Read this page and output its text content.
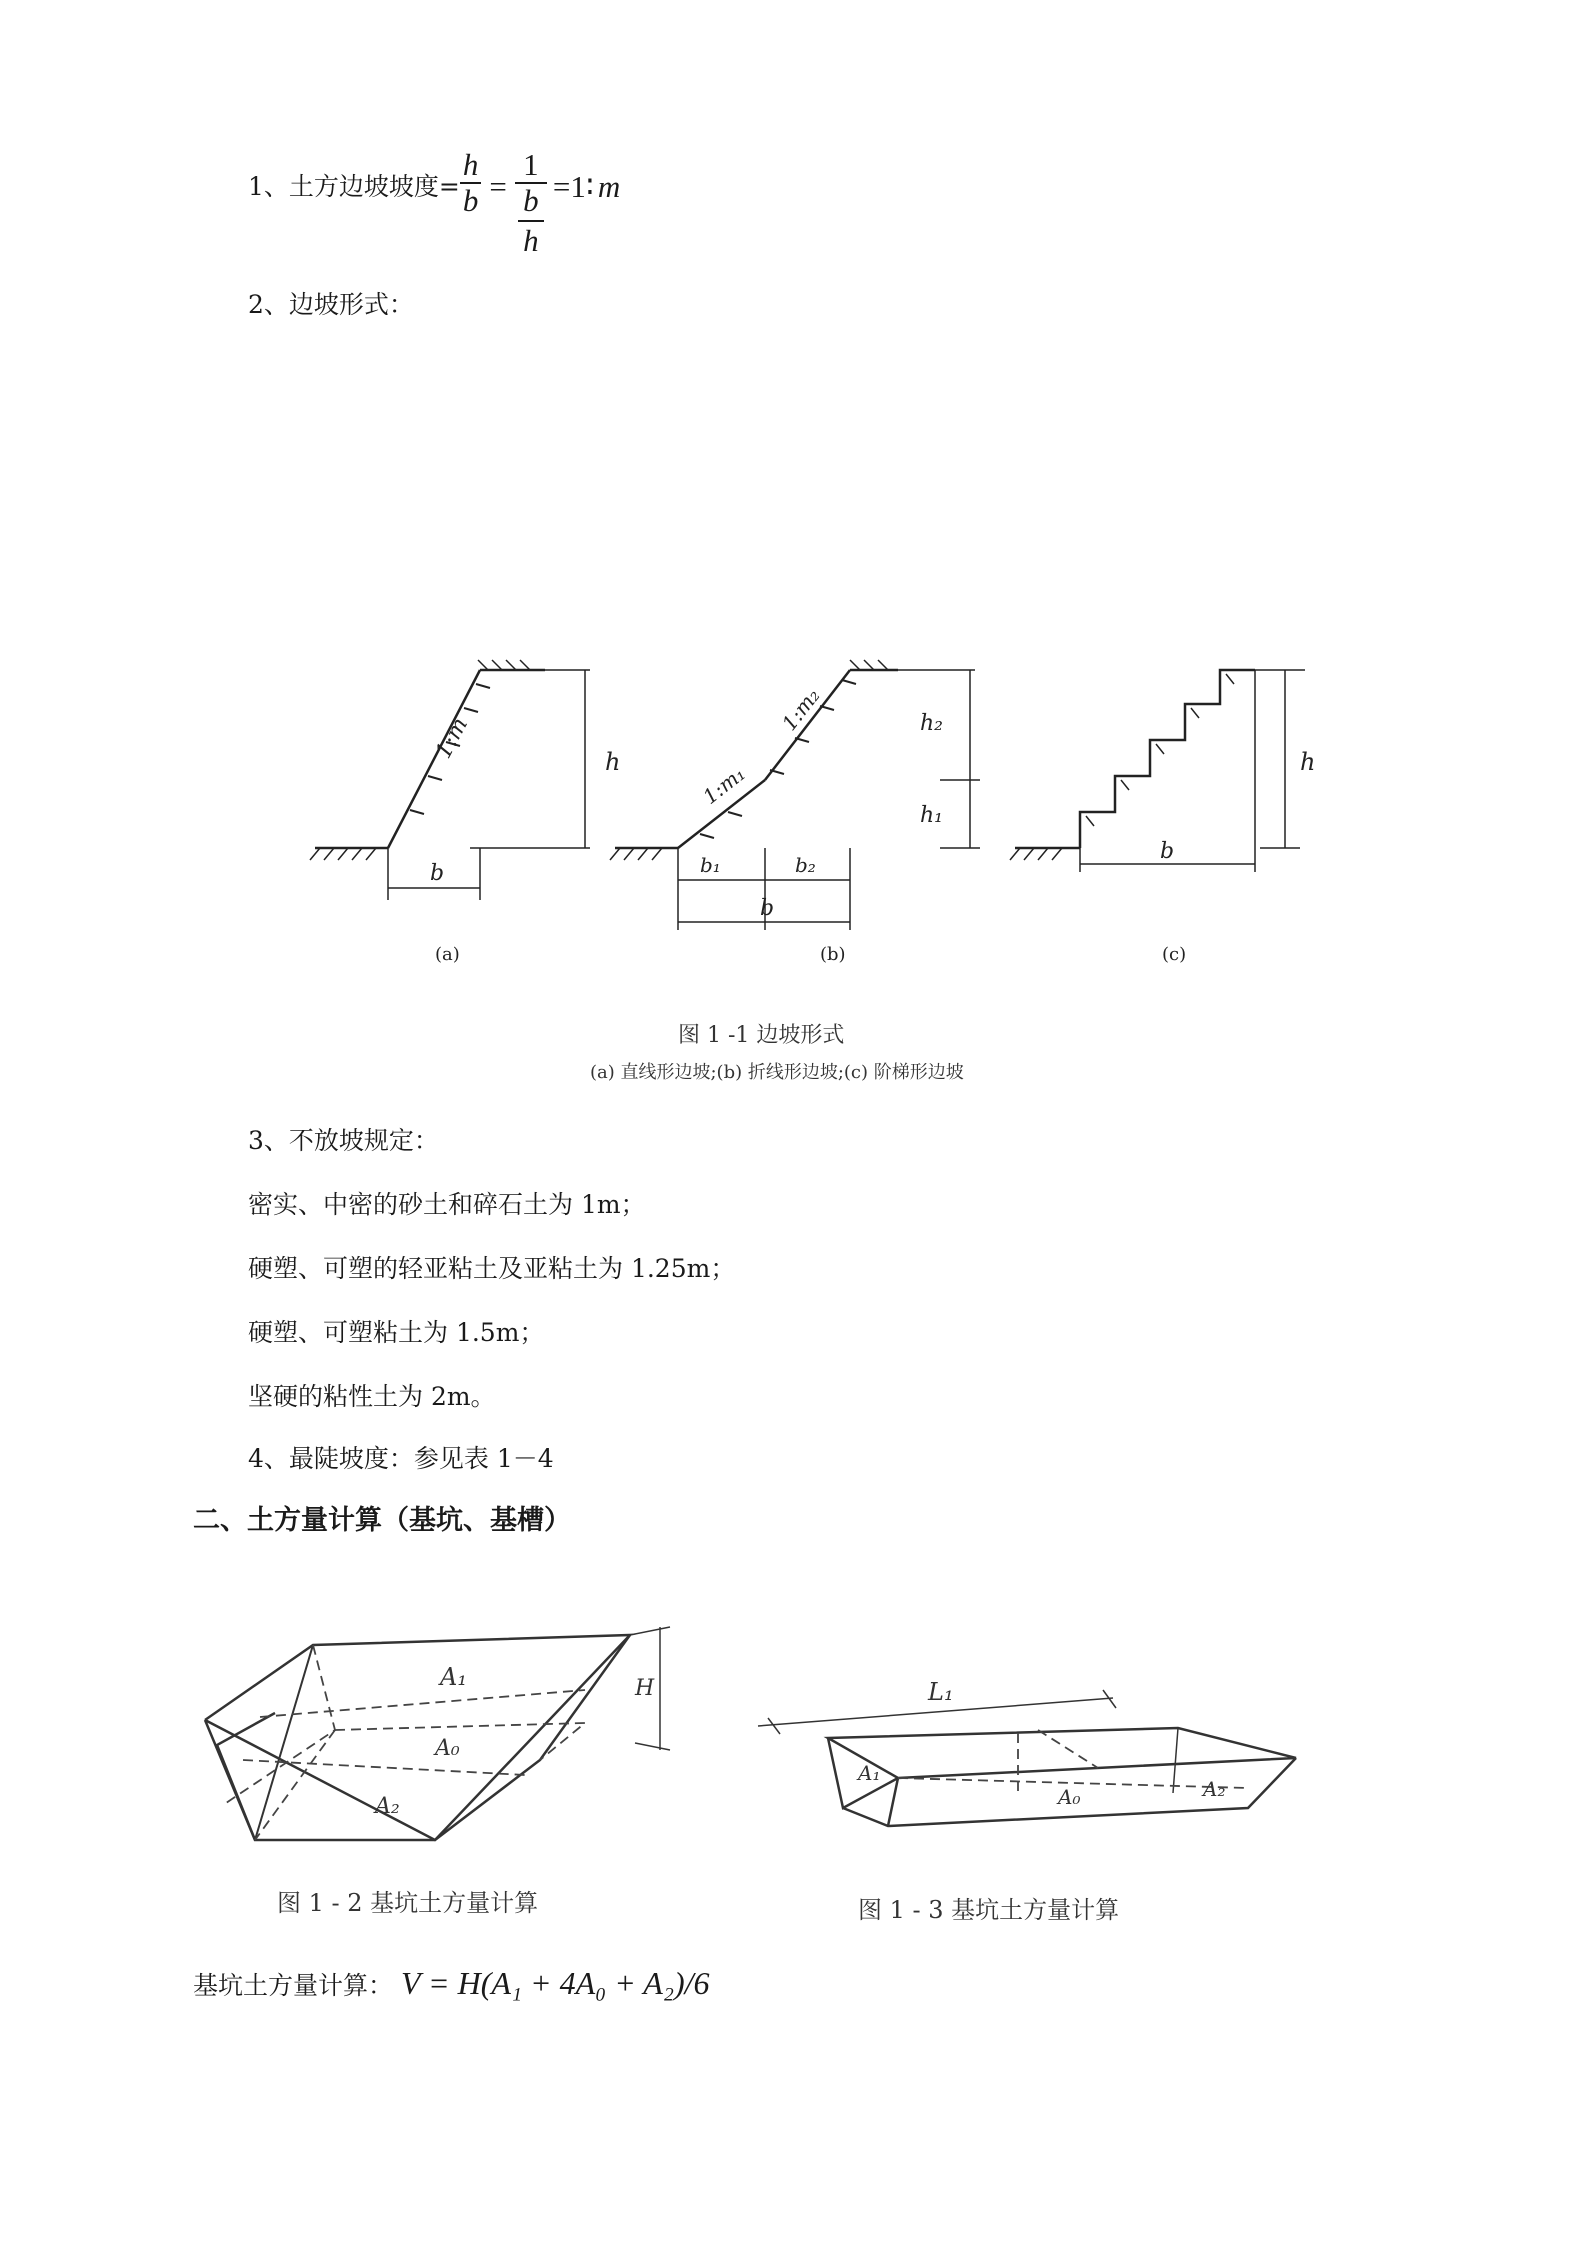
1、土方边坡坡度= $\frac{h}{b} = 1$
b
h =1∶ m
2、边坡形式：
1:m	h
b
1:m₁
1:m₂	h₂
h₁
b₁	b₂
b
h
b
(a)	(b)	(c)
图 1 -1 边坡形式
(a) 直线形边坡;(b) 折线形边坡;(c) 阶梯形边坡
3、不放坡规定：
密实、中密的砂土和碎石土为 1m；
硬塑、可塑的轻亚粘土及亚粘土为 1.25m；
硬塑、可塑粘土为 1.5m；
坚硬的粘性土为 2m。
4、最陡坡度：参见表 1－4
二、土方量计算（基坑、基槽）
A₁
A₀
A₂
H
图 1 - 2 基坑土方量计算
L₁
A₁
A₀	A₂
图 1 - 3 基坑土方量计算
基坑土方量计算： V = H(A₁ + 4A₀ + A₂)/6
